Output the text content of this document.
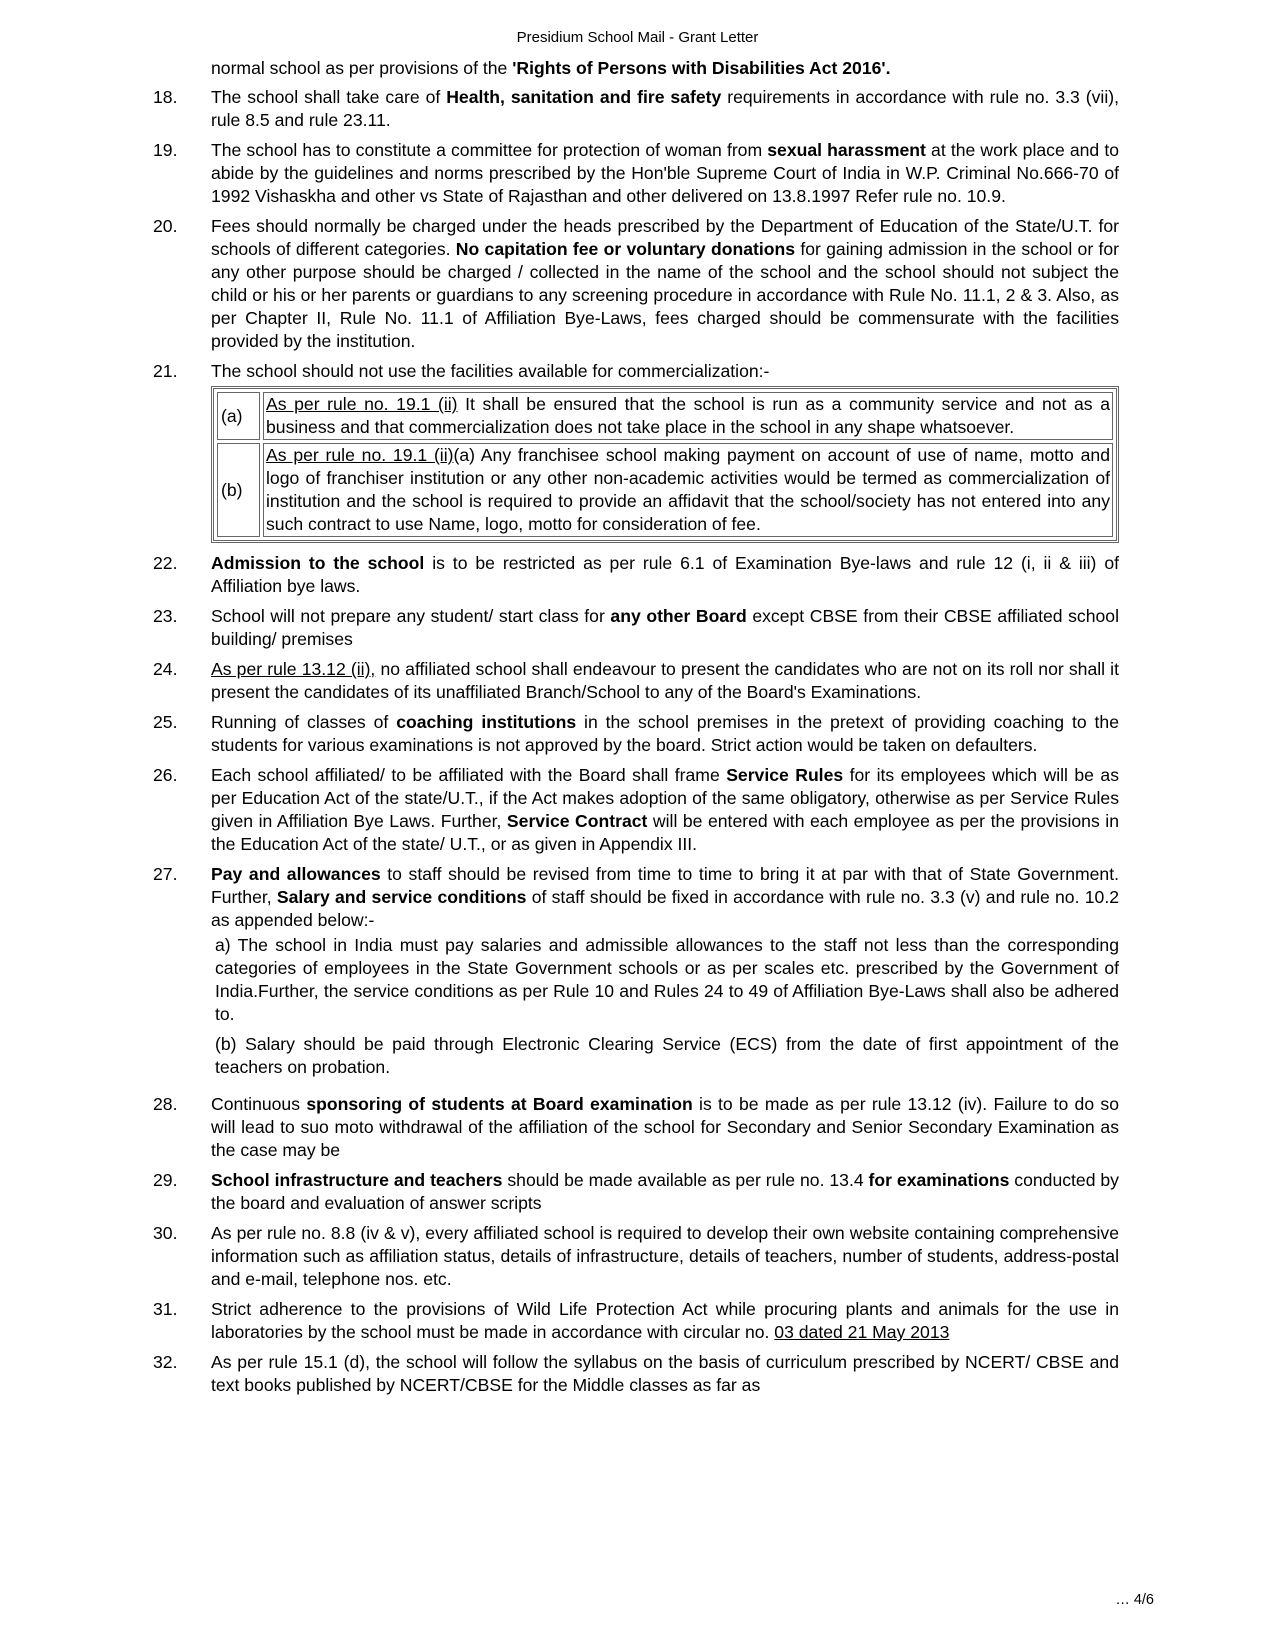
Presidium School Mail - Grant Letter

normal school as per provisions of the 'Rights of Persons with Disabilities Act 2016'.

18.	The school shall take care of Health, sanitation and fire safety requirements in accordance with rule no. 3.3 (vii), rule 8.5 and rule 23.11.
19.	The school has to constitute a committee for protection of woman from sexual harassment at the work place and to abide by the guidelines and norms prescribed by the Hon'ble Supreme Court of India in W.P. Criminal No.666-70 of 1992 Vishaskha and other vs State of Rajasthan and other delivered on 13.8.1997 Refer rule no. 10.9.
20.	Fees should normally be charged under the heads prescribed by the Department of Education of the State/U.T. for schools of different categories. No capitation fee or voluntary donations for gaining admission in the school or for any other purpose should be charged / collected in the name of the school and the school should not subject the child or his or her parents or guardians to any screening procedure in accordance with Rule No. 11.1, 2 & 3. Also, as per Chapter II, Rule No. 11.1 of Affiliation Bye-Laws, fees charged should be commensurate with the facilities provided by the institution.
21.	The school should not use the facilities available for commercialization:-
(a)	As per rule no. 19.1 (ii) It shall be ensured that the school is run as a community service and not as a business and that commercialization does not take place in the school in any shape whatsoever.
(b)	As per rule no. 19.1 (ii)(a) Any franchisee school making payment on account of use of name, motto and logo of franchiser institution or any other non-academic activities would be termed as commercialization of institution and the school is required to provide an affidavit that the school/society has not entered into any such contract to use Name, logo, motto for consideration of fee.
22.	Admission to the school is to be restricted as per rule 6.1 of Examination Bye-laws and rule 12 (i, ii & iii) of Affiliation bye laws.
23.	School will not prepare any student/ start class for any other Board except CBSE from their CBSE affiliated school building/ premises
24.	As per rule 13.12 (ii), no affiliated school shall endeavour to present the candidates who are not on its roll nor shall it present the candidates of its unaffiliated Branch/School to any of the Board's Examinations.
25.	Running of classes of coaching institutions in the school premises in the pretext of providing coaching to the students for various examinations is not approved by the board. Strict action would be taken on defaulters.
26.	Each school affiliated/ to be affiliated with the Board shall frame Service Rules for its employees which will be as per Education Act of the state/U.T., if the Act makes adoption of the same obligatory, otherwise as per Service Rules given in Affiliation Bye Laws. Further, Service Contract will be entered with each employee as per the provisions in the Education Act of the state/ U.T., or as given in Appendix III.
27.	Pay and allowances to staff should be revised from time to time to bring it at par with that of State Government. Further, Salary and service conditions of staff should be fixed in accordance with rule no. 3.3 (v) and rule no. 10.2 as appended below:-

a) The school in India must pay salaries and admissible allowances to the staff not less than the corresponding categories of employees in the State Government schools or as per scales etc. prescribed by the Government of India.Further, the service conditions as per Rule 10 and Rules 24 to 49 of Affiliation Bye-Laws shall also be adhered to.

(b) Salary should be paid through Electronic Clearing Service (ECS) from the date of first appointment of the teachers on probation.

28.	Continuous sponsoring of students at Board examination is to be made as per rule 13.12 (iv). Failure to do so will lead to suo moto withdrawal of the affiliation of the school for Secondary and Senior Secondary Examination as the case may be
29.	School infrastructure and teachers should be made available as per rule no. 13.4 for examinations conducted by the board and evaluation of answer scripts
30.	As per rule no. 8.8 (iv & v), every affiliated school is required to develop their own website containing comprehensive information such as affiliation status, details of infrastructure, details of teachers, number of students, address-postal and e-mail, telephone nos. etc.
31.	Strict adherence to the provisions of Wild Life Protection Act while procuring plants and animals for the use in laboratories by the school must be made in accordance with circular no. 03 dated 21 May 2013
32.	As per rule 15.1 (d), the school will follow the syllabus on the basis of curriculum prescribed by NCERT/ CBSE and text books published by NCERT/CBSE for the Middle classes as far as
… 4/6
